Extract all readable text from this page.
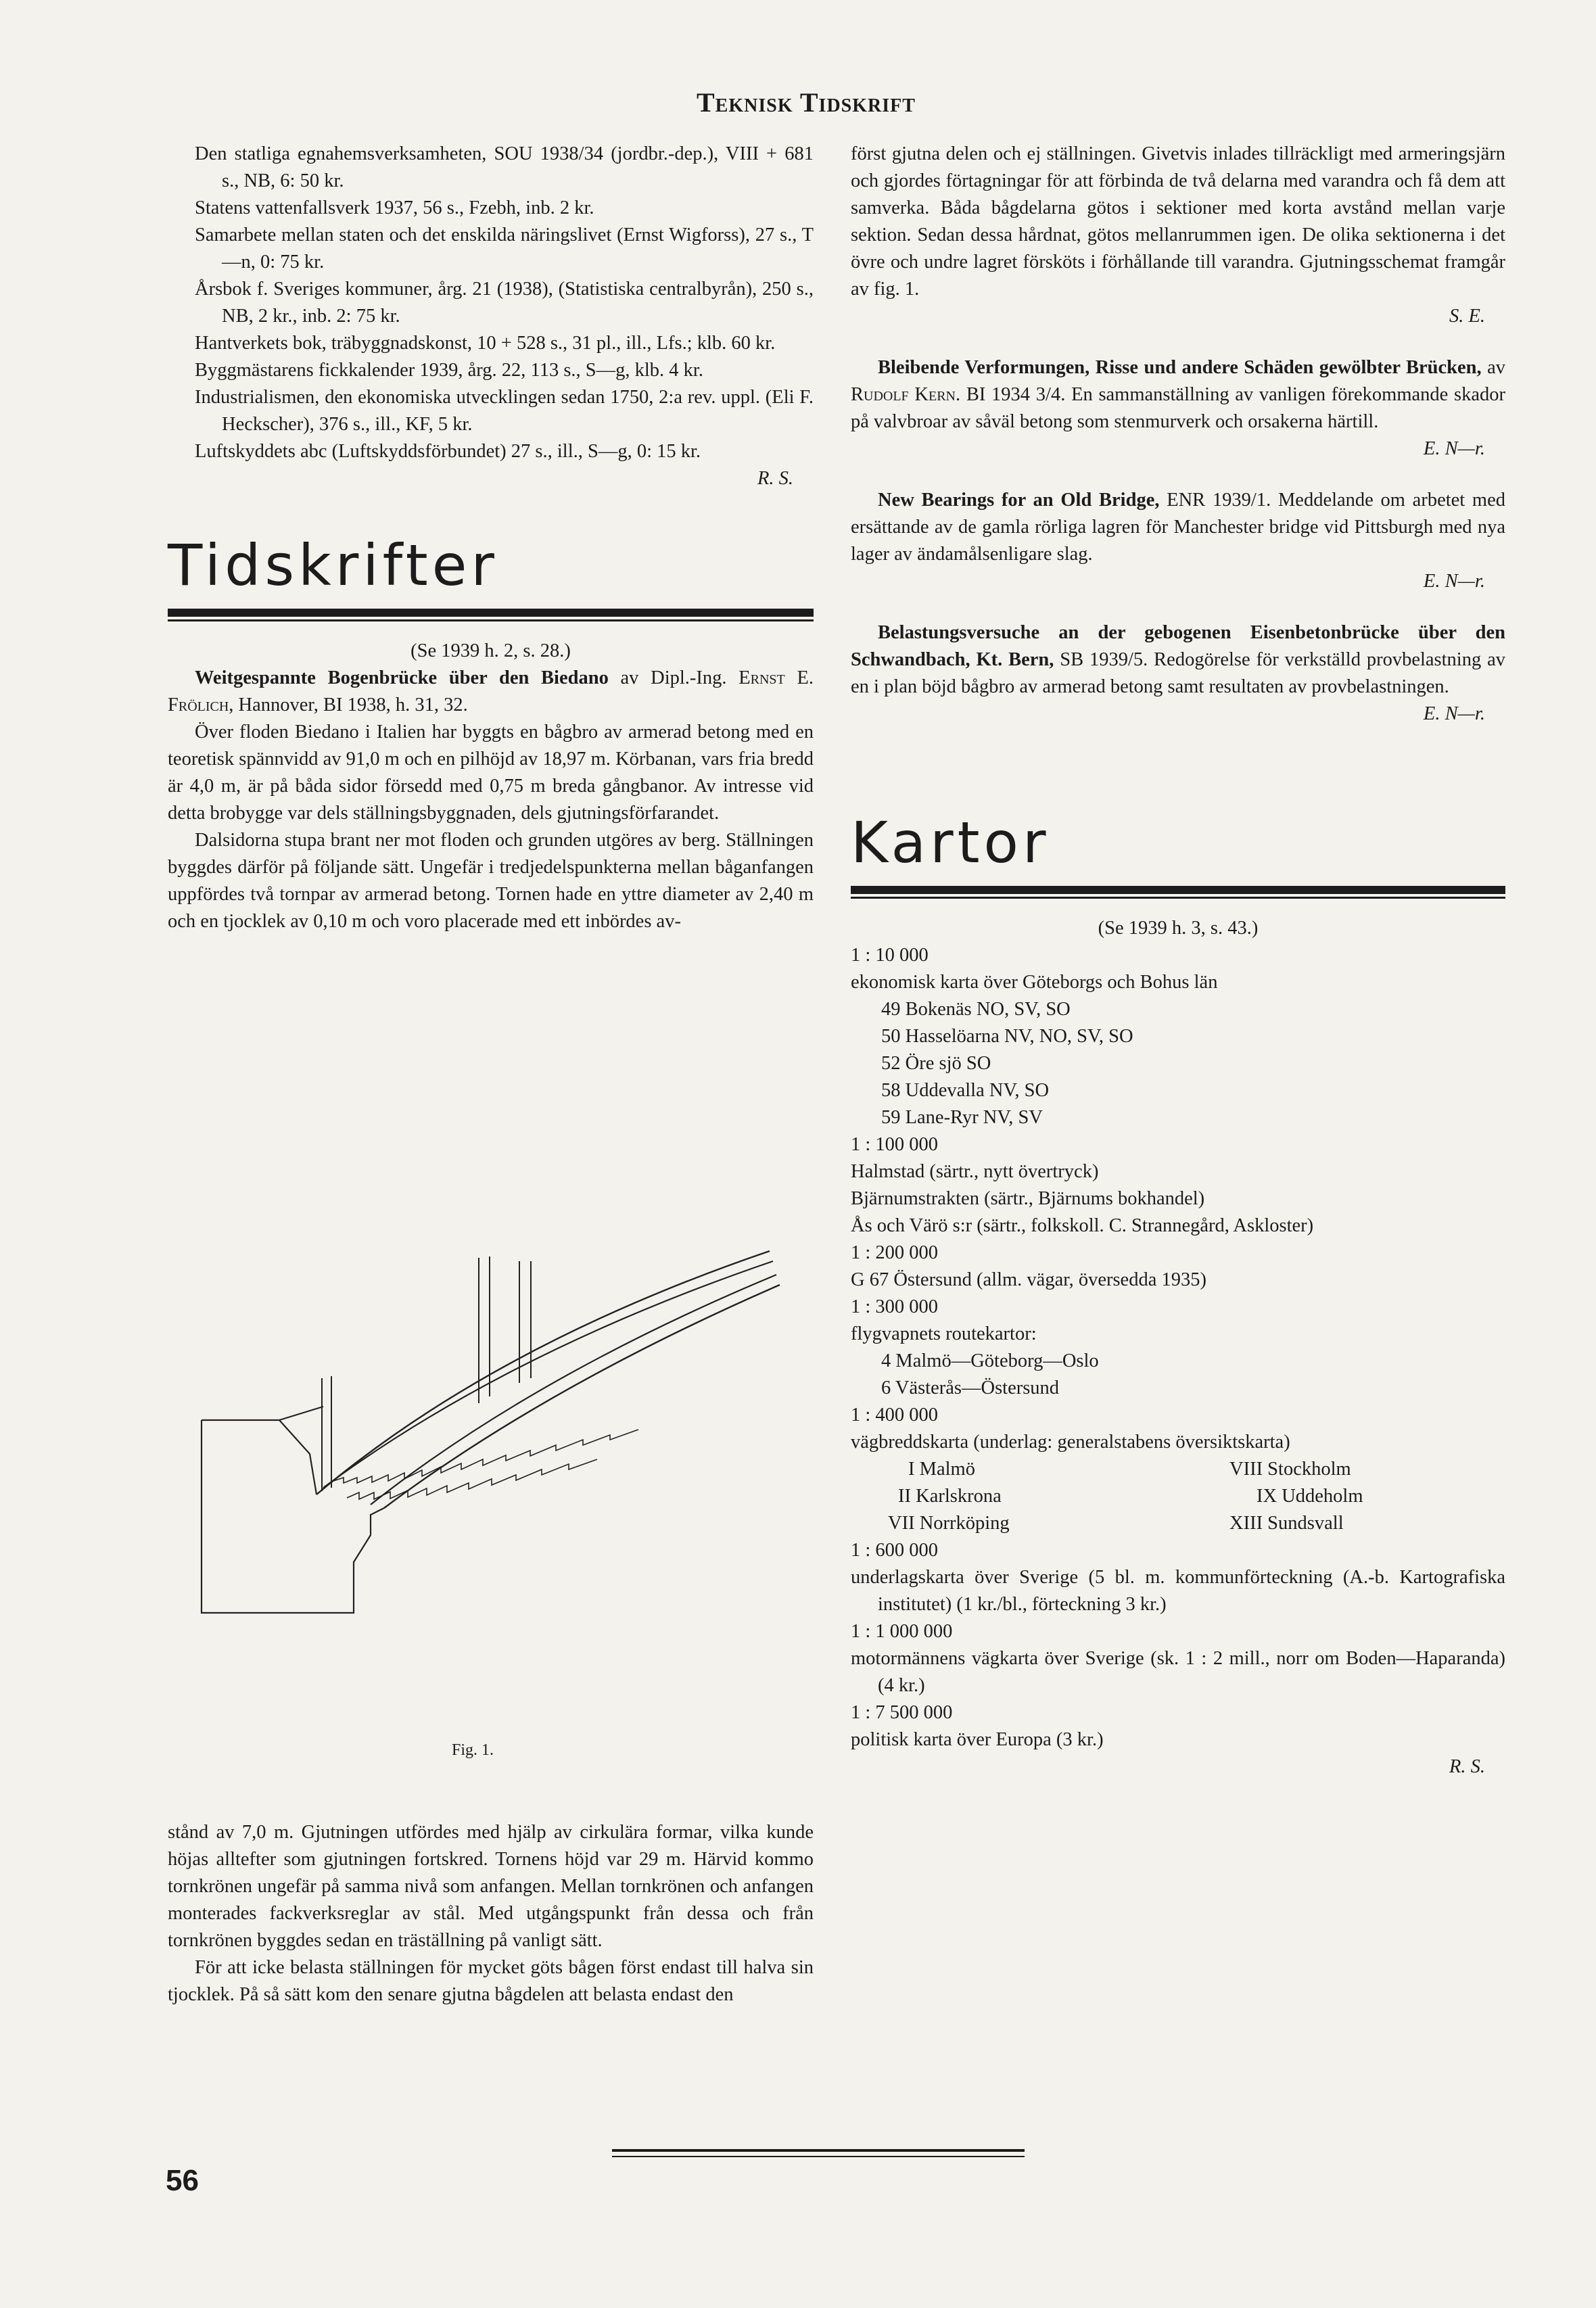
Teknisk Tidskrift

Den statliga egnahemsverksamheten, SOU 1938/34 (jordbr.-dep.), VIII + 681 s., NB, 6: 50 kr.

Statens vattenfallsverk 1937, 56 s., Fzebh, inb. 2 kr.

Samarbete mellan staten och det enskilda näringslivet (Ernst Wigforss), 27 s., T—n, 0: 75 kr.

Årsbok f. Sveriges kommuner, årg. 21 (1938), (Statistiska centralbyrån), 250 s., NB, 2 kr., inb. 2: 75 kr.

Hantverkets bok, träbyggnadskonst, 10 + 528 s., 31 pl., ill., Lfs.; klb. 60 kr.

Byggmästarens fickkalender 1939, årg. 22, 113 s., S—g, klb. 4 kr.

Industrialismen, den ekonomiska utvecklingen sedan 1750, 2:a rev. uppl. (Eli F. Heckscher), 376 s., ill., KF, 5 kr.

Luftskyddets abc (Luftskyddsförbundet) 27 s., ill., S—g, 0: 15 kr.

R. S.

Tidskrifter

(Se 1939 h. 2, s. 28.)

Weitgespannte Bogenbrücke über den Biedano av Dipl.-Ing. Ernst E. Frölich, Hannover, BI 1938, h. 31, 32.

Över floden Biedano i Italien har byggts en bågbro av armerad betong med en teoretisk spännvidd av 91,0 m och en pilhöjd av 18,97 m. Körbanan, vars fria bredd är 4,0 m, är på båda sidor försedd med 0,75 m breda gångbanor. Av intresse vid detta brobygge var dels ställningsbyggnaden, dels gjutningsförfarandet.

Dalsidorna stupa brant ner mot floden och grunden utgöres av berg. Ställningen byggdes därför på följande sätt. Ungefär i tredjedelspunkterna mellan båganfangen uppfördes två tornpar av armerad betong. Tornen hade en yttre diameter av 2,40 m och en tjocklek av 0,10 m och voro placerade med ett inbördes av-

Fig. 1.

stånd av 7,0 m. Gjutningen utfördes med hjälp av cirkulära formar, vilka kunde höjas alltefter som gjutningen fortskred. Tornens höjd var 29 m. Härvid kommo tornkrönen ungefär på samma nivå som anfangen. Mellan tornkrönen och anfangen monterades fackverksreglar av stål. Med utgångspunkt från dessa och från tornkrönen byggdes sedan en träställning på vanligt sätt.

För att icke belasta ställningen för mycket göts bågen först endast till halva sin tjocklek. På så sätt kom den senare gjutna bågdelen att belasta endast den

först gjutna delen och ej ställningen. Givetvis inlades tillräckligt med armeringsjärn och gjordes förtagningar för att förbinda de två delarna med varandra och få dem att samverka. Båda bågdelarna götos i sektioner med korta avstånd mellan varje sektion. Sedan dessa hårdnat, götos mellanrummen igen. De olika sektionerna i det övre och undre lagret försköts i förhållande till varandra. Gjutningsschemat framgår av fig. 1.

S. E.

Bleibende Verformungen, Risse und andere Schäden gewölbter Brücken, av Rudolf Kern. BI 1934 3/4. En sammanställning av vanligen förekommande skador på valvbroar av såväl betong som stenmurverk och orsakerna härtill.

E. N—r.

New Bearings for an Old Bridge, ENR 1939/1. Meddelande om arbetet med ersättande av de gamla rörliga lagren för Manchester bridge vid Pittsburgh med nya lager av ändamålsenligare slag.

E. N—r.

Belastungsversuche an der gebogenen Eisenbetonbrücke über den Schwandbach, Kt. Bern, SB 1939/5. Redogörelse för verkställd provbelastning av en i plan böjd bågbro av armerad betong samt resultaten av provbelastningen.

E. N—r.

Kartor

(Se 1939 h. 3, s. 43.)

1 : 10 000

ekonomisk karta över Göteborgs och Bohus län

49 Bokenäs NO, SV, SO

50 Hasselöarna NV, NO, SV, SO

52 Öre sjö SO

58 Uddevalla NV, SO

59 Lane-Ryr NV, SV

1 : 100 000

Halmstad (särtr., nytt övertryck)

Bjärnumstrakten (särtr., Bjärnums bokhandel)

Ås och Värö s:r (särtr., folkskoll. C. Strannegård, Askloster)

1 : 200 000

G 67 Östersund (allm. vägar, översedda 1935)

1 : 300 000

flygvapnets routekartor:

4 Malmö—Göteborg—Oslo

6 Västerås—Östersund

1 : 400 000

vägbreddskarta (underlag: generalstabens översiktskarta)

I Malmö	VIII Stockholm
II Karlskrona	IX Uddeholm
VII Norrköping	XIII Sundsvall

1 : 600 000

underlagskarta över Sverige (5 bl. m. kommunförteckning (A.-b. Kartografiska institutet) (1 kr./bl., förteckning 3 kr.)

1 : 1 000 000

motormännens vägkarta över Sverige (sk. 1 : 2 mill., norr om Boden—Haparanda) (4 kr.)

1 : 7 500 000

politisk karta över Europa (3 kr.)

R. S.

56
